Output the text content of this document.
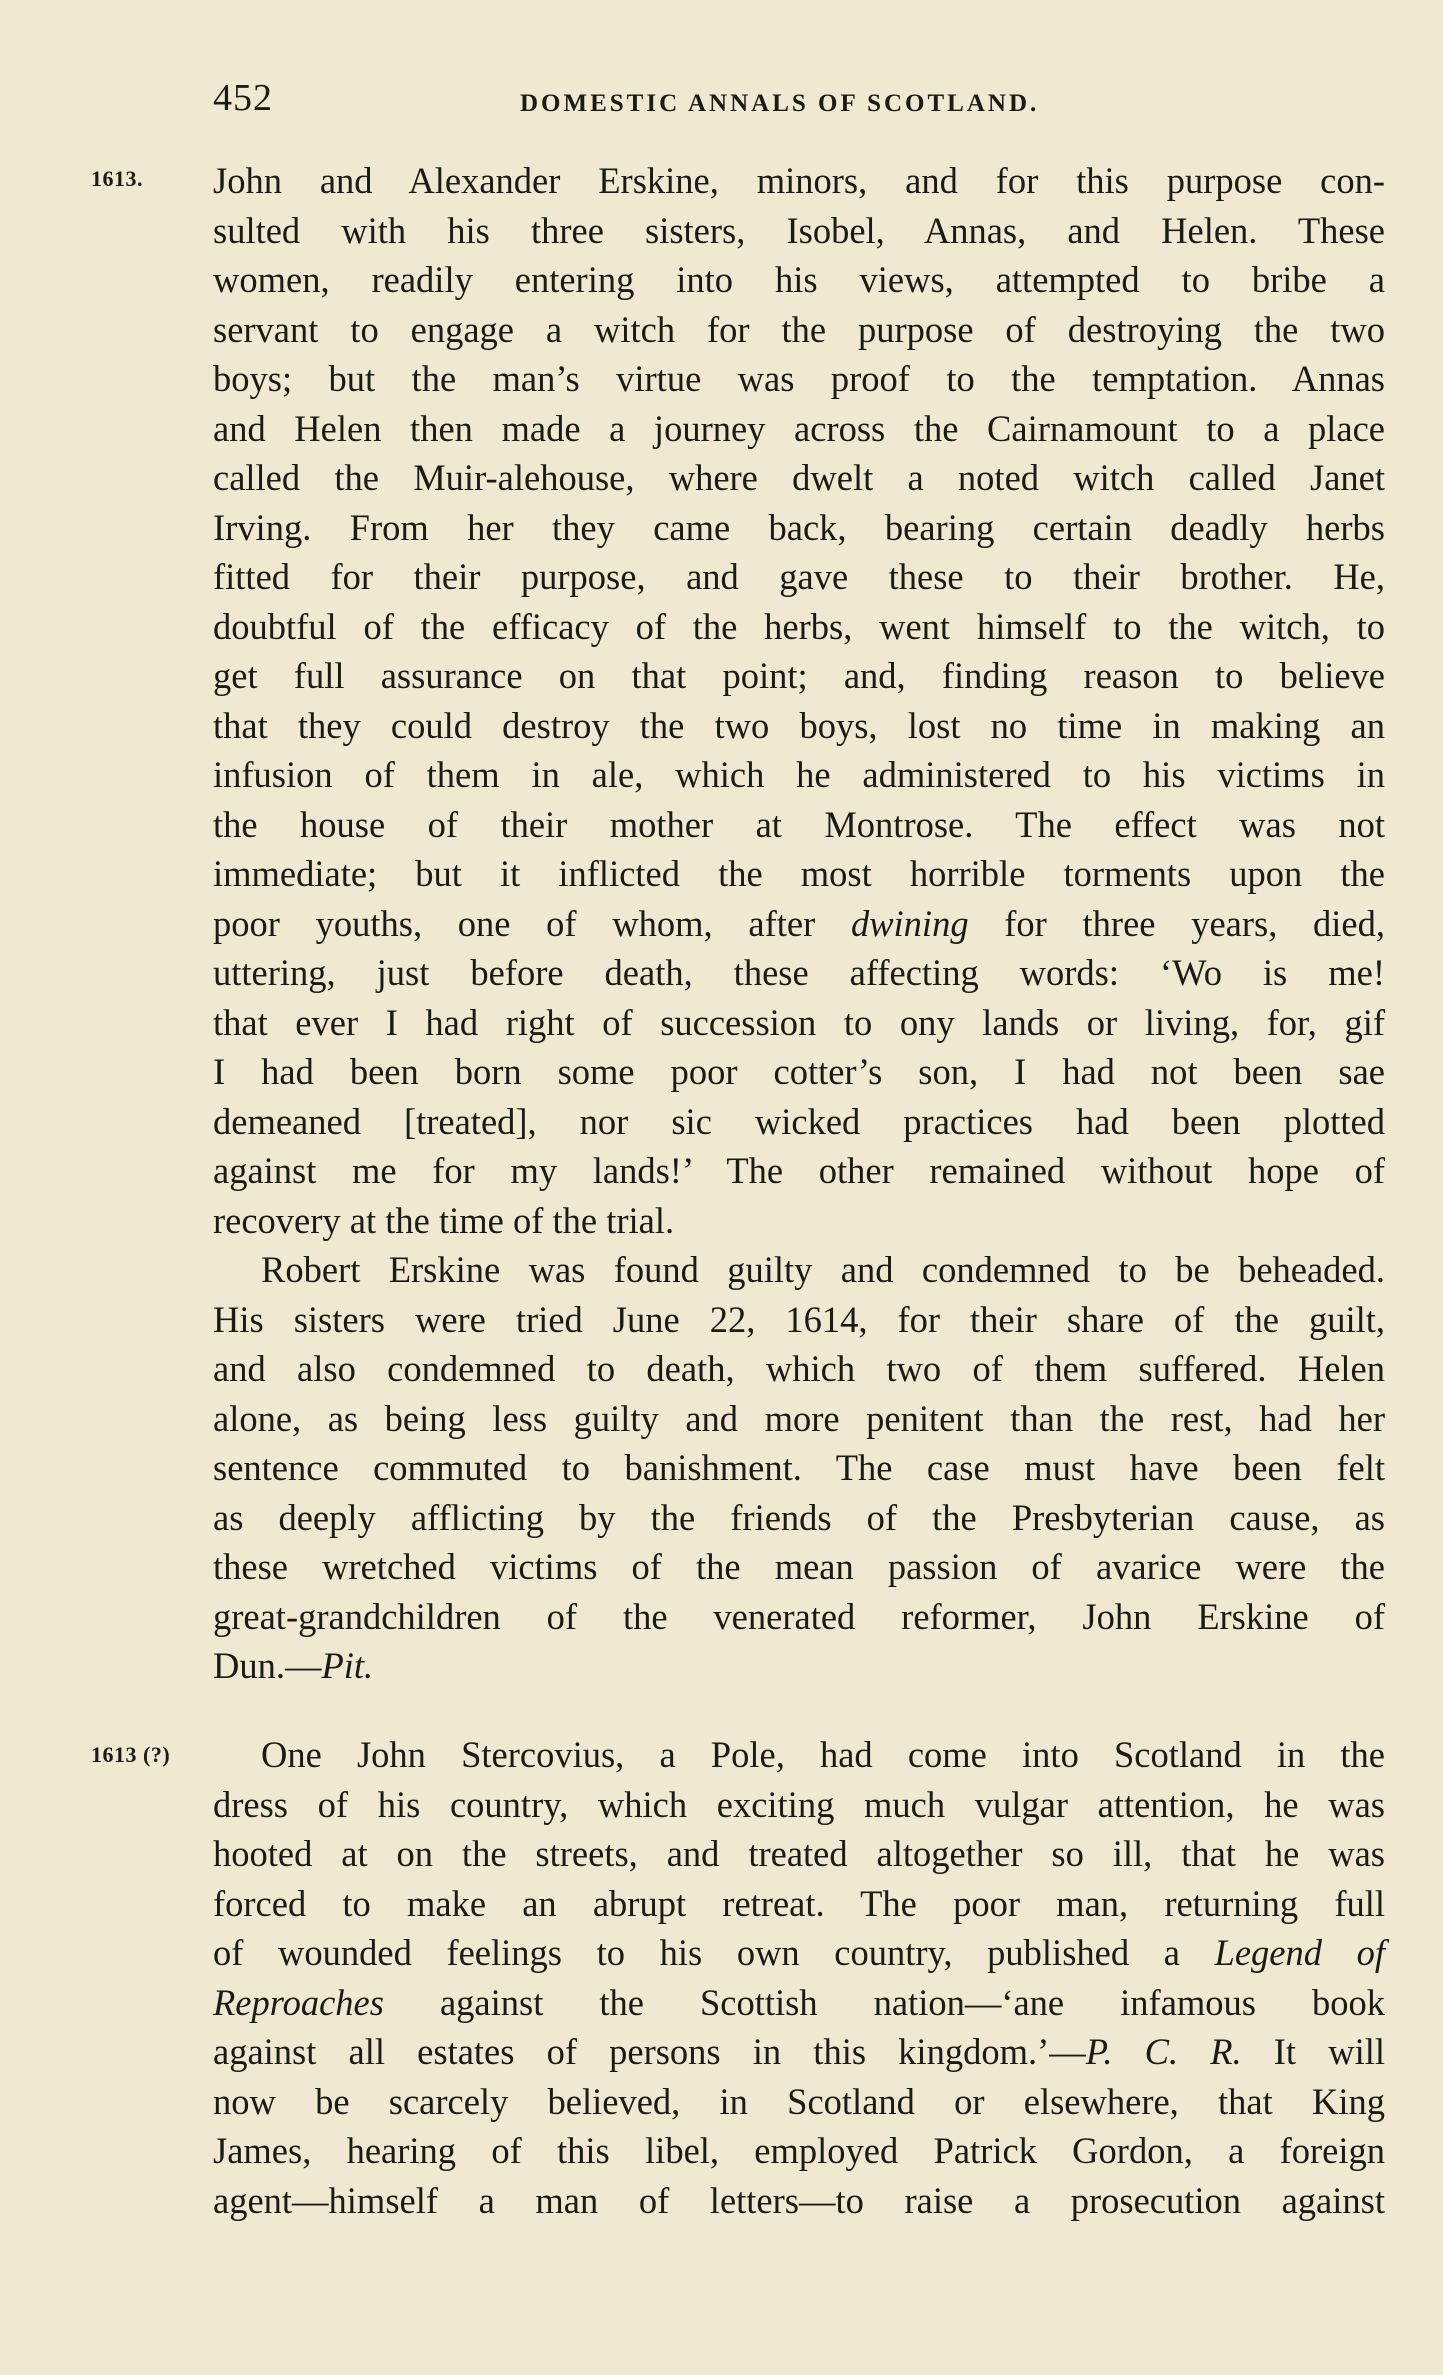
452	DOMESTIC ANNALS OF SCOTLAND.
1613. John and Alexander Erskine, minors, and for this purpose con-
sulted with his three sisters, Isobel, Annas, and Helen. These
women, readily entering into his views, attempted to bribe a
servant to engage a witch for the purpose of destroying the two
boys; but the man’s virtue was proof to the temptation. Annas
and Helen then made a journey across the Cairnamount to a place
called the Muir-alehouse, where dwelt a noted witch called Janet
Irving. From her they came back, bearing certain deadly herbs
fitted for their purpose, and gave these to their brother. He,
doubtful of the efficacy of the herbs, went himself to the witch, to
get full assurance on that point; and, finding reason to believe
that they could destroy the two boys, lost no time in making an
infusion of them in ale, which he administered to his victims in
the house of their mother at Montrose. The effect was not
immediate; but it inflicted the most horrible torments upon the
poor youths, one of whom, after dwining for three years, died,
uttering, just before death, these affecting words: ‘Wo is me!
that ever I had right of succession to ony lands or living, for, gif
I had been born some poor cotter’s son, I had not been sae
demeaned [treated], nor sic wicked practices had been plotted
against me for my lands!’ The other remained without hope of
recovery at the time of the trial.
Robert Erskine was found guilty and condemned to be beheaded.
His sisters were tried June 22, 1614, for their share of the guilt,
and also condemned to death, which two of them suffered. Helen
alone, as being less guilty and more penitent than the rest, had her
sentence commuted to banishment. The case must have been felt
as deeply afflicting by the friends of the Presbyterian cause, as
these wretched victims of the mean passion of avarice were the
great-grandchildren of the venerated reformer, John Erskine of
Dun.—Pit.
1613 (?)	One John Stercovius, a Pole, had come into Scotland in the
dress of his country, which exciting much vulgar attention, he was
hooted at on the streets, and treated altogether so ill, that he was
forced to make an abrupt retreat. The poor man, returning full
of wounded feelings to his own country, published a Legend of
Reproaches against the Scottish nation—‘ane infamous book
against all estates of persons in this kingdom.’—P. C. R. It will
now be scarcely believed, in Scotland or elsewhere, that King
James, hearing of this libel, employed Patrick Gordon, a foreign
agent—himself a man of letters—to raise a prosecution against
